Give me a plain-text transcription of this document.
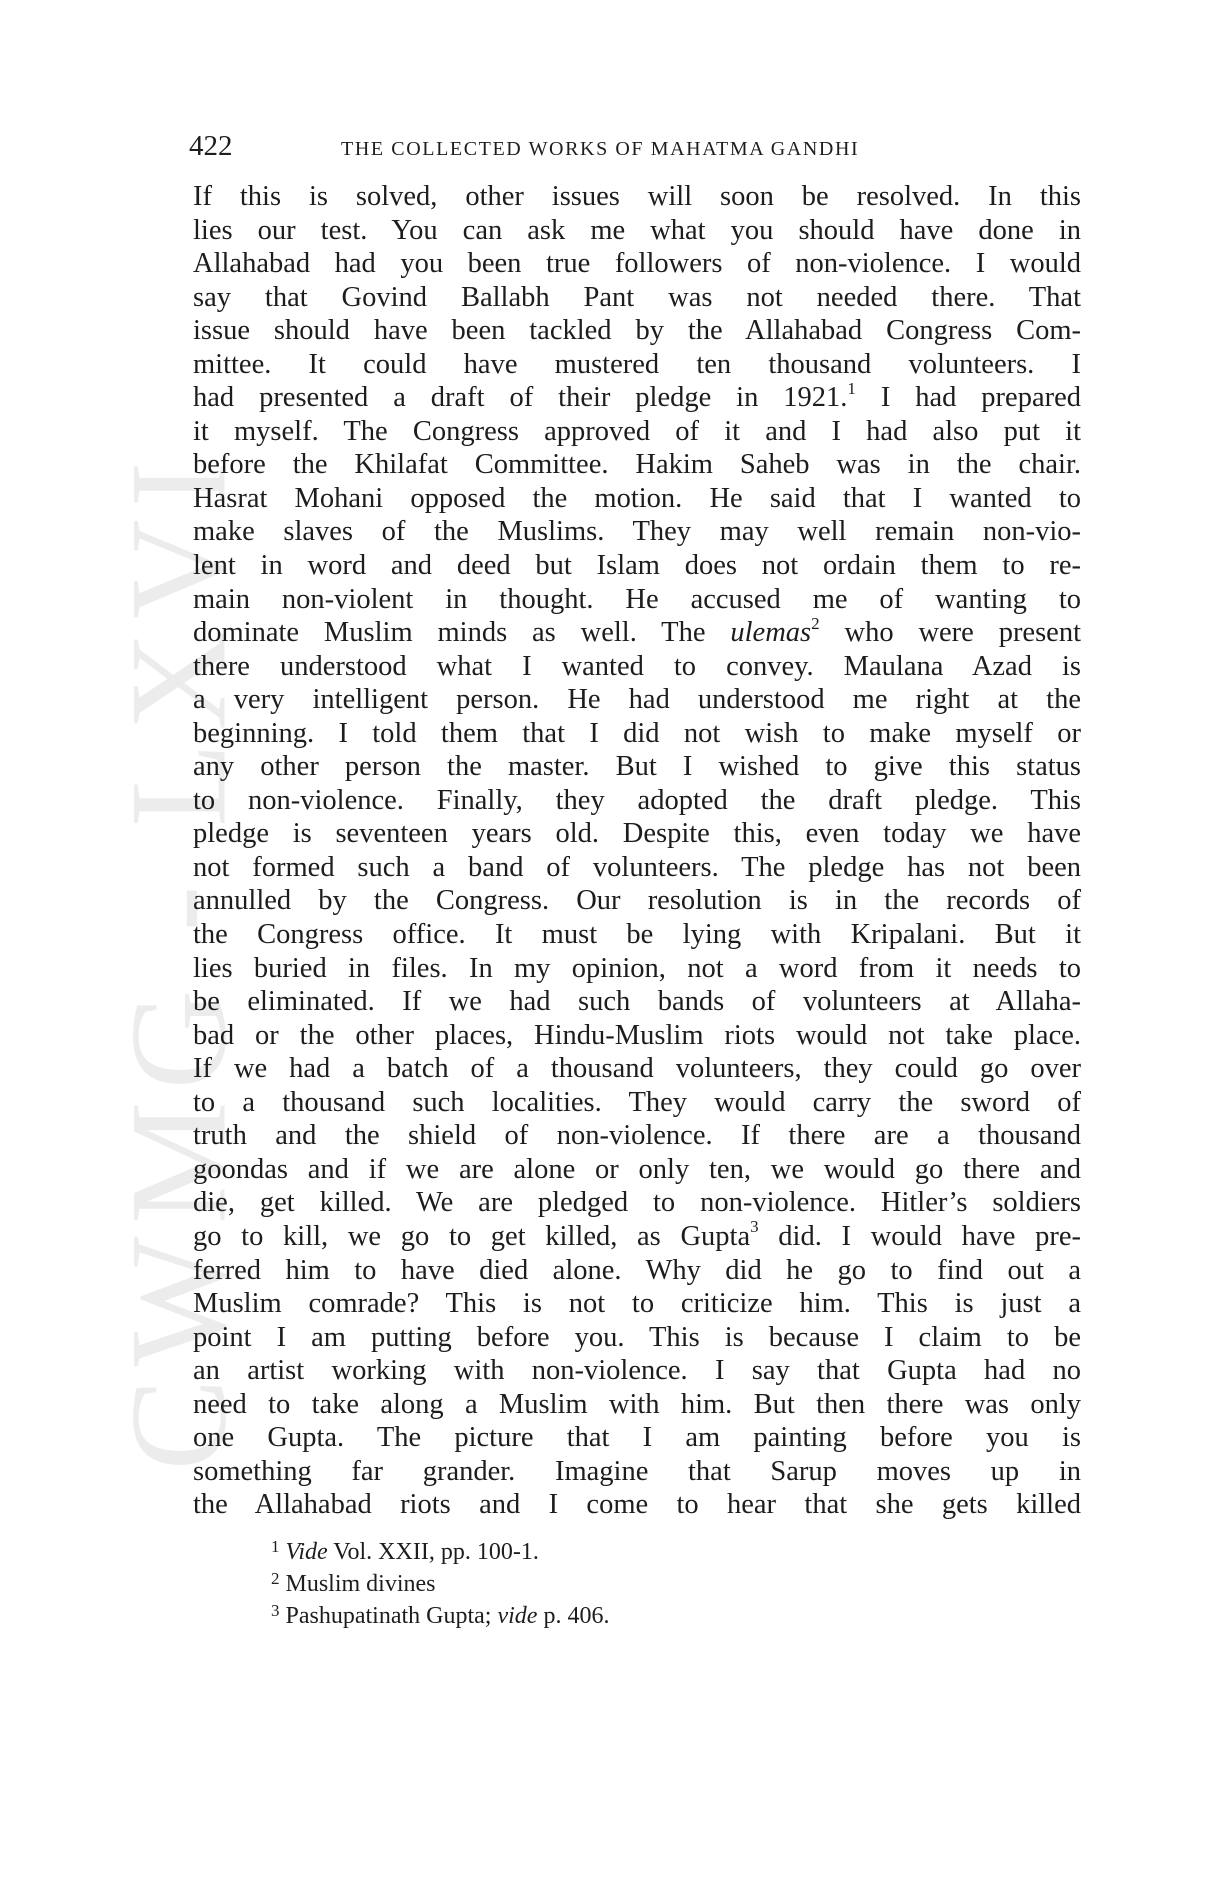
CWMG - LXVI
422	THE COLLECTED WORKS OF MAHATMA GANDHI
If this is solved, other issues will soon be resolved. In this
lies our test. You can ask me what you should have done in
Allahabad had you been true followers of non-violence. I would
say that Govind Ballabh Pant was not needed there. That
issue should have been tackled by the Allahabad Congress Com-
mittee. It could have mustered ten thousand volunteers. I
had presented a draft of their pledge in 1921.$^1$ I had prepared
it myself. The Congress approved of it and I had also put it
before the Khilafat Committee. Hakim Saheb was in the chair.
Hasrat Mohani opposed the motion. He said that I wanted to
make slaves of the Muslims. They may well remain non-vio-
lent in word and deed but Islam does not ordain them to re-
main non-violent in thought. He accused me of wanting to
dominate Muslim minds as well. The ulemas$^2$ who were present
there understood what I wanted to convey. Maulana Azad is
a very intelligent person. He had understood me right at the
beginning. I told them that I did not wish to make myself or
any other person the master. But I wished to give this status
to non-violence. Finally, they adopted the draft pledge. This
pledge is seventeen years old. Despite this, even today we have
not formed such a band of volunteers. The pledge has not been
annulled by the Congress. Our resolution is in the records of
the Congress office. It must be lying with Kripalani. But it
lies buried in files. In my opinion, not a word from it needs to
be eliminated. If we had such bands of volunteers at Allaha-
bad or the other places, Hindu-Muslim riots would not take place.
If we had a batch of a thousand volunteers, they could go over
to a thousand such localities. They would carry the sword of
truth and the shield of non-violence. If there are a thousand
goondas and if we are alone or only ten, we would go there and
die, get killed. We are pledged to non-violence. Hitler’s soldiers
go to kill, we go to get killed, as Gupta$^3$ did. I would have pre-
ferred him to have died alone. Why did he go to find out a
Muslim comrade? This is not to criticize him. This is just a
point I am putting before you. This is because I claim to be
an artist working with non-violence. I say that Gupta had no
need to take along a Muslim with him. But then there was only
one Gupta. The picture that I am painting before you is
something far grander. Imagine that Sarup moves up in
the Allahabad riots and I come to hear that she gets killed
$^1$ Vide Vol. XXII, pp. 100-1.
$^2$ Muslim divines
$^3$ Pashupatinath Gupta; vide p. 406.
